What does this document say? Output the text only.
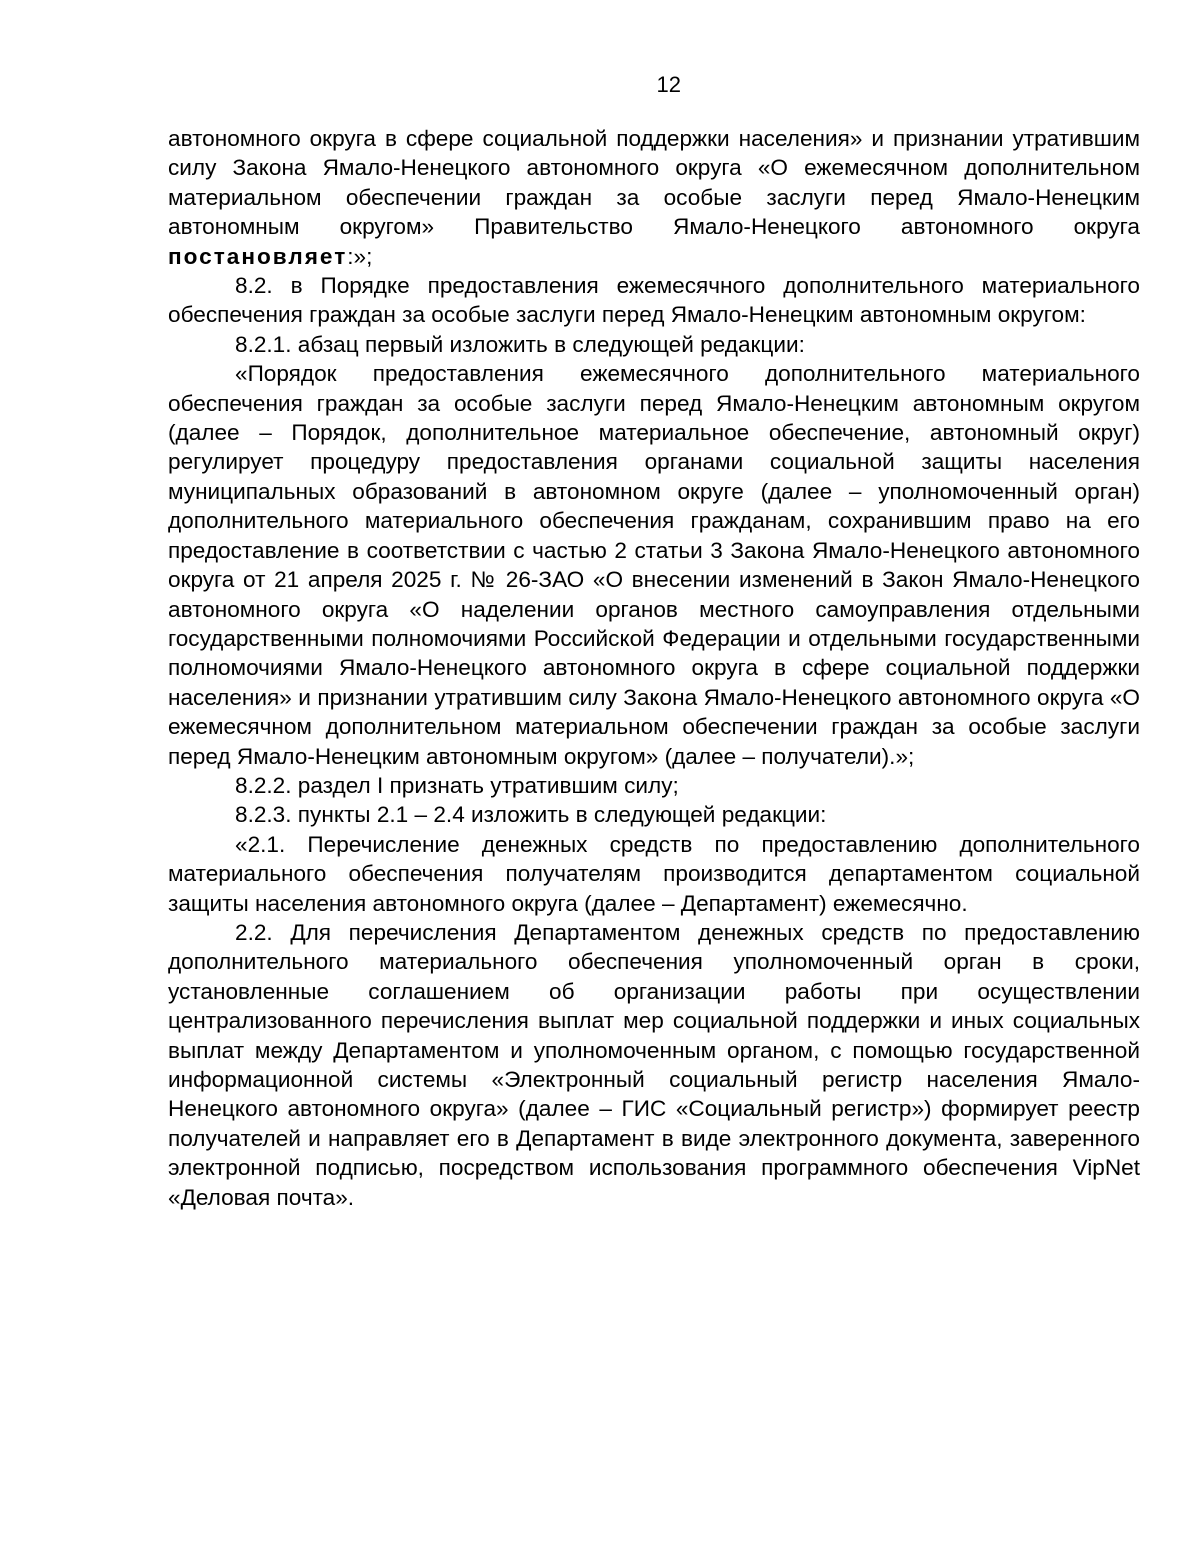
12

автономного округа в сфере социальной поддержки населения» и признании утратившим силу Закона Ямало-Ненецкого автономного округа «О ежемесячном дополнительном материальном обеспечении граждан за особые заслуги перед Ямало-Ненецким автономным округом» Правительство Ямало-Ненецкого автономного округа постановляет:»;

8.2. в Порядке предоставления ежемесячного дополнительного материального обеспечения граждан за особые заслуги перед Ямало-Ненецким автономным округом:

8.2.1. абзац первый изложить в следующей редакции:

«Порядок предоставления ежемесячного дополнительного материального обеспечения граждан за особые заслуги перед Ямало-Ненецким автономным округом (далее – Порядок, дополнительное материальное обеспечение, автономный округ) регулирует процедуру предоставления органами социальной защиты населения муниципальных образований в автономном округе (далее – уполномоченный орган) дополнительного материального обеспечения гражданам, сохранившим право на его предоставление в соответствии с частью 2 статьи 3 Закона Ямало-Ненецкого автономного округа от 21 апреля 2025 г. № 26-ЗАО «О внесении изменений в Закон Ямало-Ненецкого автономного округа «О наделении органов местного самоуправления отдельными государственными полномочиями Российской Федерации и отдельными государственными полномочиями Ямало-Ненецкого автономного округа в сфере социальной поддержки населения» и признании утратившим силу Закона Ямало-Ненецкого автономного округа «О ежемесячном дополнительном материальном обеспечении граждан за особые заслуги перед Ямало-Ненецким автономным округом» (далее – получатели).»;

8.2.2. раздел I признать утратившим силу;

8.2.3. пункты 2.1 – 2.4 изложить в следующей редакции:

«2.1. Перечисление денежных средств по предоставлению дополнительного материального обеспечения получателям производится департаментом социальной защиты населения автономного округа (далее – Департамент) ежемесячно.

2.2. Для перечисления Департаментом денежных средств по предоставлению дополнительного материального обеспечения уполномоченный орган в сроки, установленные соглашением об организации работы при осуществлении централизованного перечисления выплат мер социальной поддержки и иных социальных выплат между Департаментом и уполномоченным органом, с помощью государственной информационной системы «Электронный социальный регистр населения Ямало-Ненецкого автономного округа» (далее – ГИС «Социальный регистр») формирует реестр получателей и направляет его в Департамент в виде электронного документа, заверенного электронной подписью, посредством использования программного обеспечения VipNet «Деловая почта».
